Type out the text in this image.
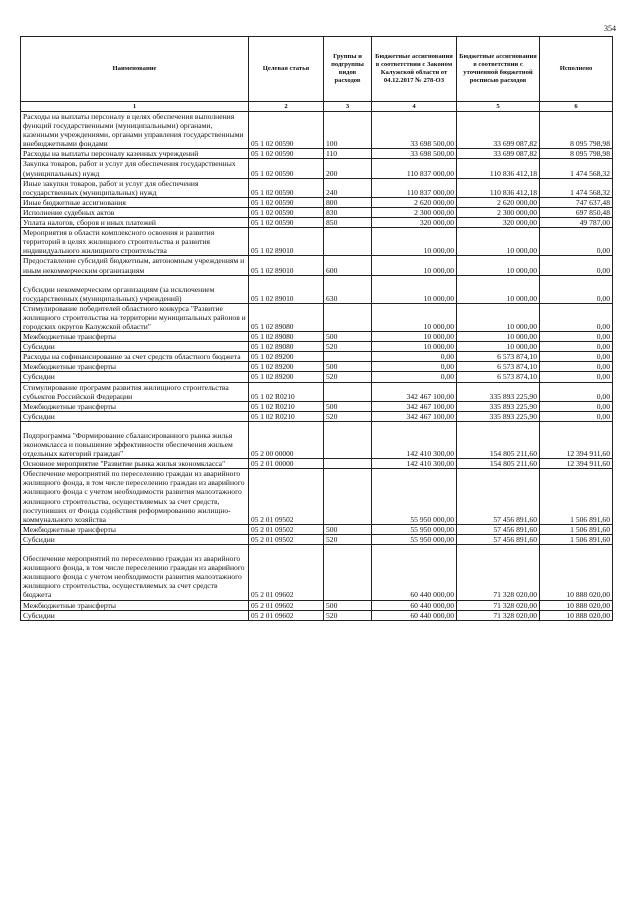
354
Наименование	Целевая статья	Группы и подгруппы видов расходов	Бюджетные ассигнования в соответствии с Законом Калужской области от 04.12.2017 № 278-ОЗ	Бюджетные ассигнования в соответствии с уточненной бюджетной росписью расходов	Исполнено
1	2	3	4	5	6
Расходы на выплаты персоналу в целях обеспечения выполнения функций государственными (муниципальными) органами, казенными учреждениями, органами управления государственными внебюджетными фондами	05 1 02 00590	100	33 698 500,00	33 699 087,82	8 095 798,98
Расходы на выплаты персоналу казенных учреждений	05 1 02 00590	110	33 698 500,00	33 699 087,82	8 095 798,98
Закупка товаров, работ и услуг для обеспечения государственных (муниципальных) нужд	05 1 02 00590	200	110 837 000,00	110 836 412,18	1 474 568,32
Иные закупки товаров, работ и услуг для обеспечения государственных (муниципальных) нужд	05 1 02 00590	240	110 837 000,00	110 836 412,18	1 474 568,32
Иные бюджетные ассигнования	05 1 02 00590	800	2 620 000,00	2 620 000,00	747 637,48
Исполнение судебных актов	05 1 02 00590	830	2 300 000,00	2 300 000,00	697 850,48
Уплата налогов, сборов и иных платежей	05 1 02 00590	850	320 000,00	320 000,00	49 787,00
Мероприятия в области комплексного освоения и развития территорий в целях жилищного строительства и развития индивидуального жилищного строительства	05 1 02 89010		10 000,00	10 000,00	0,00
Предоставление субсидий бюджетным, автономным учреждениям и иным некоммерческим организациям	05 1 02 89010	600	10 000,00	10 000,00	0,00
Субсидии некоммерческим организациям (за исключением государственных (муниципальных) учреждений)	05 1 02 89010	630	10 000,00	10 000,00	0,00
Стимулирование победителей областного конкурса "Развитие жилищного строительства на территории муниципальных районов и городских округов Калужской области"	05 1 02 89080		10 000,00	10 000,00	0,00
Межбюджетные трансферты	05 1 02 89080	500	10 000,00	10 000,00	0,00
Субсидии	05 1 02 89080	520	10 000,00	10 000,00	0,00
Расходы на софинансирование за счет средств областного бюджета	05 1 02 89200		0,00	6 573 874,10	0,00
Межбюджетные трансферты	05 1 02 89200	500	0,00	6 573 874,10	0,00
Субсидии	05 1 02 89200	520	0,00	6 573 874,10	0,00
Стимулирование программ развития жилищного строительства субъектов Российской Федерации	05 1 02 R0210		342 467 100,00	335 893 225,90	0,00
Межбюджетные трансферты	05 1 02 R0210	500	342 467 100,00	335 893 225,90	0,00
Субсидии	05 1 02 R0210	520	342 467 100,00	335 893 225,90	0,00
Подпрограмма "Формирование сбалансированного рынка жилья экономкласса и повышение эффективности обеспечения жильем отдельных категорий граждан"	05 2 00 00000		142 410 300,00	154 805 211,60	12 394 911,60
Основное мероприятие "Развитие рынка жилья экономкласса"	05 2 01 00000		142 410 300,00	154 805 211,60	12 394 911,60
Обеспечение мероприятий по переселению граждан из аварийного жилищного фонда, в том числе переселению граждан из аварийного жилищного фонда с учетом необходимости развития малоэтажного жилищного строительства, осуществляемых за счет средств, поступивших от Фонда содействия реформированию жилищно-коммунального хозяйства	05 2 01 09502		55 950 000,00	57 456 891,60	1 506 891,60
Межбюджетные трансферты	05 2 01 09502	500	55 950 000,00	57 456 891,60	1 506 891,60
Субсидии	05 2 01 09502	520	55 950 000,00	57 456 891,60	1 506 891,60
Обеспечение мероприятий по переселению граждан из аварийного жилищного фонда, в том числе переселению граждан из аварийного жилищного фонда с учетом необходимости развития малоэтажного жилищного строительства, осуществляемых за счет средств бюджета	05 2 01 09602		60 440 000,00	71 328 020,00	10 888 020,00
Межбюджетные трансферты	05 2 01 09602	500	60 440 000,00	71 328 020,00	10 888 020,00
Субсидии	05 2 01 09602	520	60 440 000,00	71 328 020,00	10 888 020,00
